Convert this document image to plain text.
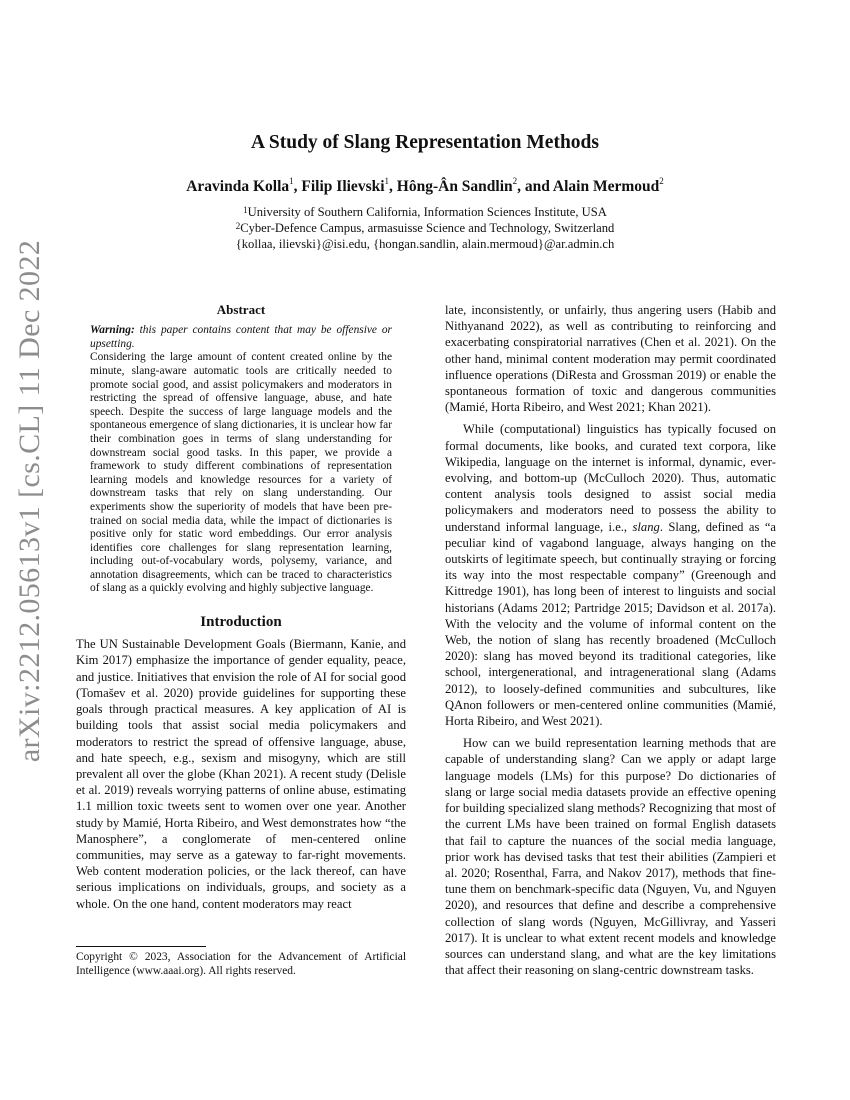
arXiv:2212.05613v1 [cs.CL] 11 Dec 2022
A Study of Slang Representation Methods
Aravinda Kolla$^1$, Filip Ilievski$^1$, Hông-Ân Sandlin$^2$, and Alain Mermoud$^2$
$^1$University of Southern California, Information Sciences Institute, USA
$^2$Cyber-Defence Campus, armasuisse Science and Technology, Switzerland
{kollaa, ilievski}@isi.edu, {hongan.sandlin, alain.mermoud}@ar.admin.ch
Abstract

Warning: this paper contains content that may be offensive or upsetting.

Considering the large amount of content created online by the minute, slang-aware automatic tools are critically needed to promote social good, and assist policymakers and moderators in restricting the spread of offensive language, abuse, and hate speech. Despite the success of large language models and the spontaneous emergence of slang dictionaries, it is unclear how far their combination goes in terms of slang understanding for downstream social good tasks. In this paper, we provide a framework to study different combinations of representation learning models and knowledge resources for a variety of downstream tasks that rely on slang understanding. Our experiments show the superiority of models that have been pre-trained on social media data, while the impact of dictionaries is positive only for static word embeddings. Our error analysis identifies core challenges for slang representation learning, including out-of-vocabulary words, polysemy, variance, and annotation disagreements, which can be traced to characteristics of slang as a quickly evolving and highly subjective language.

Introduction

The UN Sustainable Development Goals (Biermann, Kanie, and Kim 2017) emphasize the importance of gender equality, peace, and justice. Initiatives that envision the role of AI for social good (Tomašev et al. 2020) provide guidelines for supporting these goals through practical measures. A key application of AI is building tools that assist social media policymakers and moderators to restrict the spread of offensive language, abuse, and hate speech, e.g., sexism and misogyny, which are still prevalent all over the globe (Khan 2021). A recent study (Delisle et al. 2019) reveals worrying patterns of online abuse, estimating 1.1 million toxic tweets sent to women over one year. Another study by Mamié, Horta Ribeiro, and West demonstrates how “the Manosphere”, a conglomerate of men-centered online communities, may serve as a gateway to far-right movements. Web content moderation policies, or the lack thereof, can have serious implications on individuals, groups, and society as a whole. On the one hand, content moderators may react

late, inconsistently, or unfairly, thus angering users (Habib and Nithyanand 2022), as well as contributing to reinforcing and exacerbating conspiratorial narratives (Chen et al. 2021). On the other hand, minimal content moderation may permit coordinated influence operations (DiResta and Grossman 2019) or enable the spontaneous formation of toxic and dangerous communities (Mamié, Horta Ribeiro, and West 2021; Khan 2021).

While (computational) linguistics has typically focused on formal documents, like books, and curated text corpora, like Wikipedia, language on the internet is informal, dynamic, ever-evolving, and bottom-up (McCulloch 2020). Thus, automatic content analysis tools designed to assist social media policymakers and moderators need to possess the ability to understand informal language, i.e., slang. Slang, defined as “a peculiar kind of vagabond language, always hanging on the outskirts of legitimate speech, but continually straying or forcing its way into the most respectable company” (Greenough and Kittredge 1901), has long been of interest to linguists and social historians (Adams 2012; Partridge 2015; Davidson et al. 2017a). With the velocity and the volume of informal content on the Web, the notion of slang has recently broadened (McCulloch 2020): slang has moved beyond its traditional categories, like school, intergenerational, and intragenerational slang (Adams 2012), to loosely-defined communities and subcultures, like QAnon followers or men-centered online communities (Mamié, Horta Ribeiro, and West 2021).

How can we build representation learning methods that are capable of understanding slang? Can we apply or adapt large language models (LMs) for this purpose? Do dictionaries of slang or large social media datasets provide an effective opening for building specialized slang methods? Recognizing that most of the current LMs have been trained on formal English datasets that fail to capture the nuances of the social media language, prior work has devised tasks that test their abilities (Zampieri et al. 2020; Rosenthal, Farra, and Nakov 2017), methods that fine-tune them on benchmark-specific data (Nguyen, Vu, and Nguyen 2020), and resources that define and describe a comprehensive collection of slang words (Nguyen, McGillivray, and Yasseri 2017). It is unclear to what extent recent models and knowledge sources can understand slang, and what are the key limitations that affect their reasoning on slang-centric downstream tasks.

Copyright © 2023, Association for the Advancement of Artificial Intelligence (www.aaai.org). All rights reserved.
